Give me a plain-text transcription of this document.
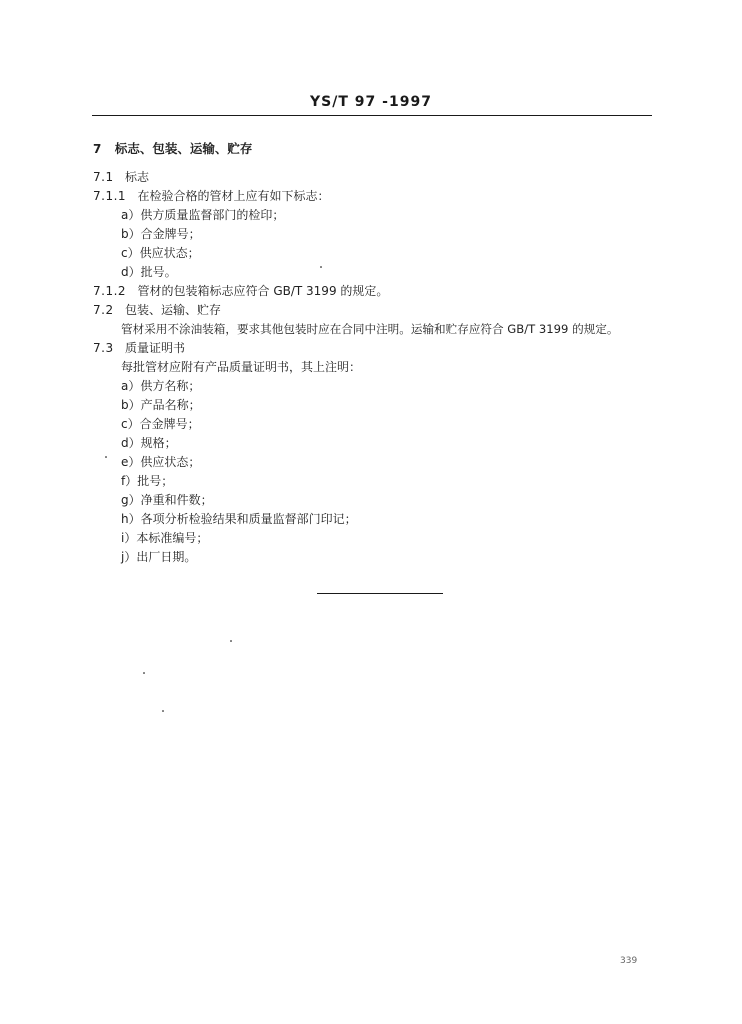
YS/T 97 -1997
7 标志、包装、运输、贮存
7.1 标志
7.1.1 在检验合格的管材上应有如下标志：
a）供方质量监督部门的检印；
b）合金牌号；
c）供应状态；
d）批号。
7.1.2 管材的包装箱标志应符合 GB/T 3199 的规定。
7.2 包装、运输、贮存
管材采用不涂油装箱，要求其他包装时应在合同中注明。运输和贮存应符合 GB/T 3199 的规定。
7.3 质量证明书
每批管材应附有产品质量证明书，其上注明：
a）供方名称；
b）产品名称；
c）合金牌号；
d）规格；
e）供应状态；
f）批号；
g）净重和件数；
h）各项分析检验结果和质量监督部门印记；
i）本标准编号；
j）出厂日期。
339
